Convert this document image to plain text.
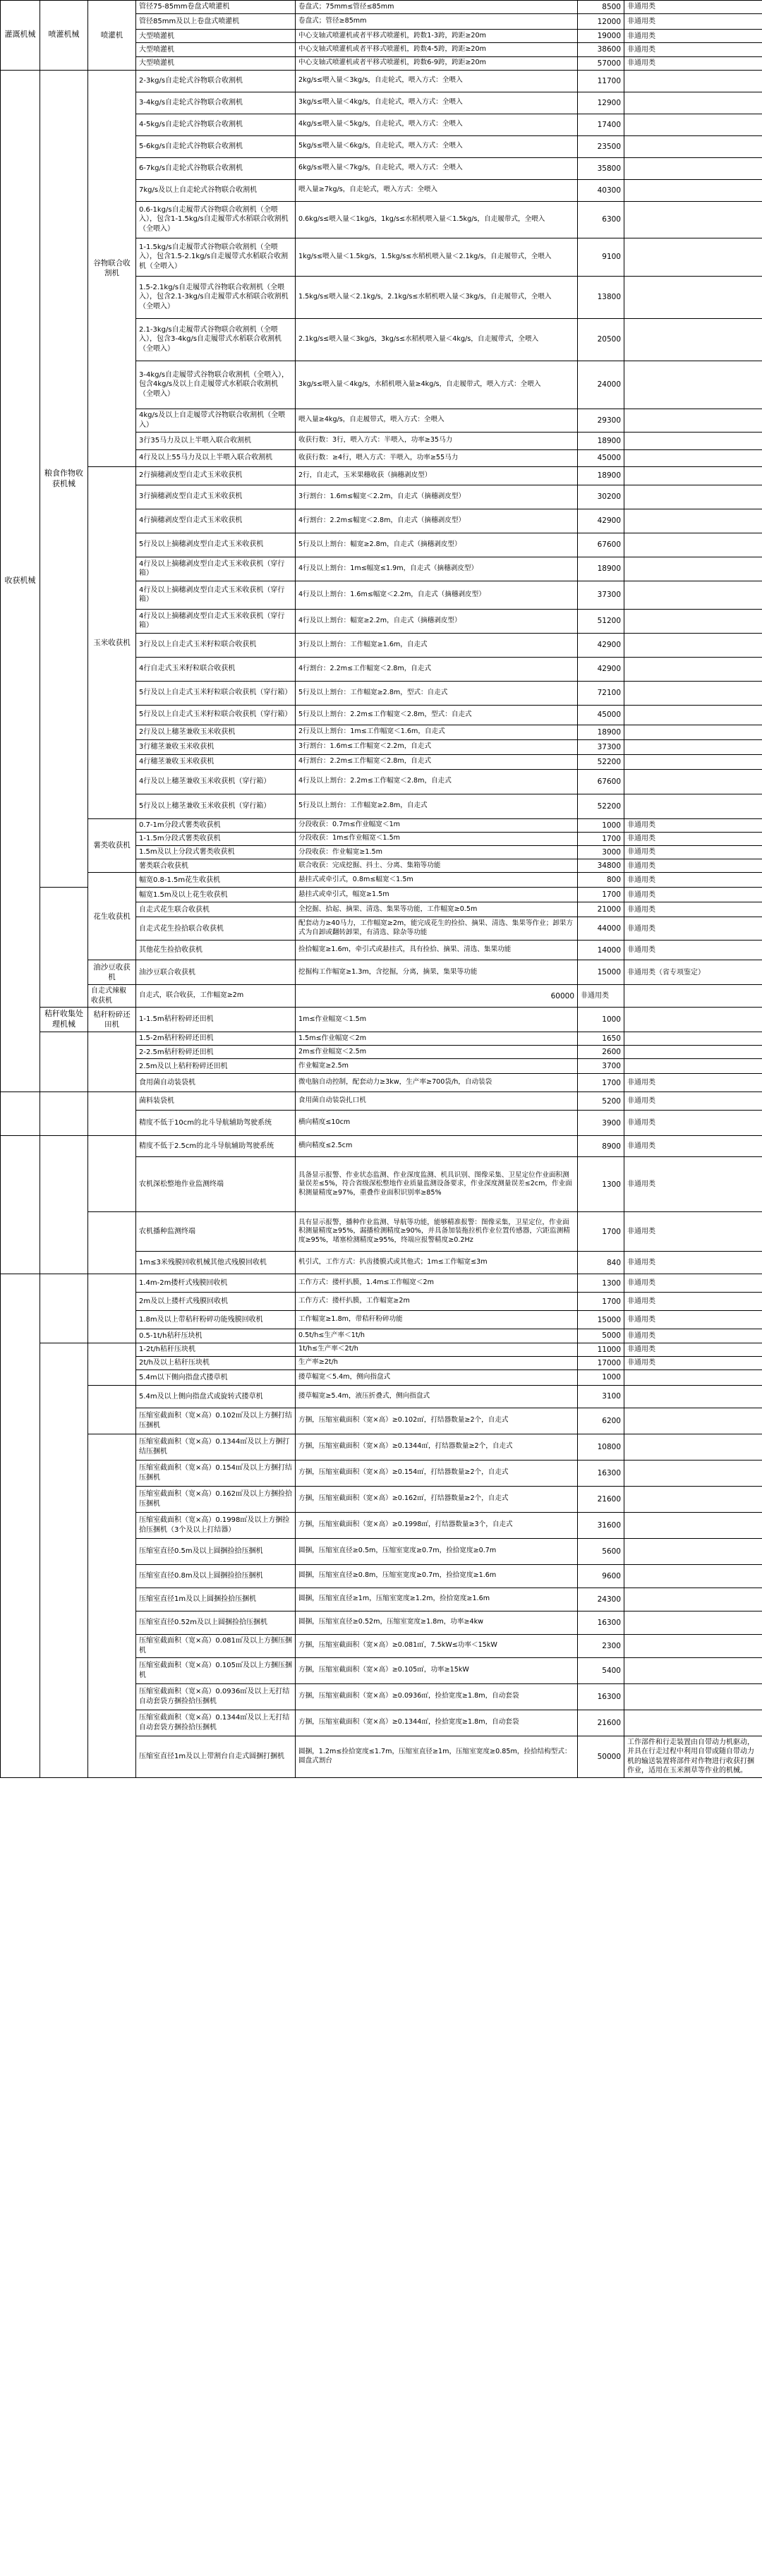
灌溉机械	喷灌机械	喷灌机	管径75-85mm卷盘式喷灌机	卷盘式；75mm≤管径≤85mm	8500	非通用类
			管径85mm及以上卷盘式喷灌机	卷盘式；管径≥85mm	12000	非通用类
			大型喷灌机	中心支轴式喷灌机或者平移式喷灌机，跨数1-3跨，跨距≥20m	19000	非通用类
			大型喷灌机	中心支轴式喷灌机或者平移式喷灌机，跨数4-5跨，跨距≥20m	38600	非通用类
			大型喷灌机	中心支轴式喷灌机或者平移式喷灌机，跨数6-9跨，跨距≥20m	57000	非通用类
收获机械	粮食作物收获机械	谷物联合收割机	2-3kg/s自走轮式谷物联合收割机	2kg/s≤喂入量＜3kg/s，自走轮式，喂入方式：全喂入	11700	
			3-4kg/s自走轮式谷物联合收割机	3kg/s≤喂入量＜4kg/s，自走轮式，喂入方式：全喂入	12900	
			4-5kg/s自走轮式谷物联合收割机	4kg/s≤喂入量＜5kg/s，自走轮式，喂入方式：全喂入	17400	
			5-6kg/s自走轮式谷物联合收割机	5kg/s≤喂入量＜6kg/s，自走轮式，喂入方式：全喂入	23500	
			6-7kg/s自走轮式谷物联合收割机	6kg/s≤喂入量＜7kg/s，自走轮式，喂入方式：全喂入	35800	
			7kg/s及以上自走轮式谷物联合收割机	喂入量≥7kg/s，自走轮式，喂入方式：全喂入	40300	
			0.6-1kg/s自走履带式谷物联合收割机（全喂入），包含1-1.5kg/s自走履带式水稻联合收割机（全喂入）	0.6kg/s≤喂入量＜1kg/s，1kg/s≤水稻机喂入量＜1.5kg/s，自走履带式，全喂入	6300	
			1-1.5kg/s自走履带式谷物联合收割机（全喂入），包含1.5-2.1kg/s自走履带式水稻联合收割机（全喂入）	1kg/s≤喂入量＜1.5kg/s，1.5kg/s≤水稻机喂入量＜2.1kg/s，自走履带式，全喂入	9100	
			1.5-2.1kg/s自走履带式谷物联合收割机（全喂入），包含2.1-3kg/s自走履带式水稻联合收割机（全喂入）	1.5kg/s≤喂入量＜2.1kg/s，2.1kg/s≤水稻机喂入量＜3kg/s，自走履带式，全喂入	13800	
			2.1-3kg/s自走履带式谷物联合收割机（全喂入），包含3-4kg/s自走履带式水稻联合收割机（全喂入）	2.1kg/s≤喂入量＜3kg/s，3kg/s≤水稻机喂入量＜4kg/s，自走履带式，全喂入	20500	
			3-4kg/s自走履带式谷物联合收割机（全喂入），包含4kg/s及以上自走履带式水稻联合收割机（全喂入）	3kg/s≤喂入量＜4kg/s，水稻机喂入量≥4kg/s，自走履带式，喂入方式：全喂入	24000	
			4kg/s及以上自走履带式谷物联合收割机（全喂入）	喂入量≥4kg/s，自走履带式，喂入方式：全喂入	29300	
			3行35马力及以上半喂入联合收割机	收获行数：3行，喂入方式：半喂入，功率≥35马力	18900	
			4行及以上55马力及以上半喂入联合收割机	收获行数：≥4行，喂入方式：半喂入，功率≥55马力	45000	
		玉米收获机	2行摘穗剥皮型自走式玉米收获机	2行，自走式，玉米果穗收获（摘穗剥皮型）	18900	
			3行摘穗剥皮型自走式玉米收获机	3行割台：1.6m≤幅宽＜2.2m，自走式（摘穗剥皮型）	30200	
			4行摘穗剥皮型自走式玉米收获机	4行割台：2.2m≤幅宽＜2.8m，自走式（摘穗剥皮型）	42900	
			5行及以上摘穗剥皮型自走式玉米收获机	5行及以上割台：幅宽≥2.8m，自走式（摘穗剥皮型）	67600	
			4行及以上摘穗剥皮型自走式玉米收获机（穿行箱）	4行及以上割台：1m≤幅宽≤1.9m，自走式（摘穗剥皮型）	18900	
			4行及以上摘穗剥皮型自走式玉米收获机（穿行箱）	4行及以上割台：1.6m≤幅宽＜2.2m，自走式（摘穗剥皮型）	37300	
			4行及以上摘穗剥皮型自走式玉米收获机（穿行箱）	4行及以上割台：幅宽≥2.2m，自走式（摘穗剥皮型）	51200	
			3行及以上自走式玉米籽粒联合收获机	3行及以上割台：工作幅宽≥1.6m，自走式	42900	
			4行自走式玉米籽粒联合收获机	4行割台：2.2m≤工作幅宽＜2.8m，自走式	42900	
			5行及以上自走式玉米籽粒联合收获机（穿行箱）	5行及以上割台：工作幅宽≥2.8m，型式：自走式	72100	
			5行及以上自走式玉米籽粒联合收获机（穿行箱）	5行及以上割台：2.2m≤工作幅宽＜2.8m，型式：自走式	45000	
			2行及以上穗茎兼收玉米收获机	2行及以上割台：1m≤工作幅宽＜1.6m，自走式	18900	
			3行穗茎兼收玉米收获机	3行割台：1.6m≤工作幅宽＜2.2m，自走式	37300	
			4行穗茎兼收玉米收获机	4行割台：2.2m≤工作幅宽＜2.8m，自走式	52200	
			4行及以上穗茎兼收玉米收获机（穿行箱）	4行及以上割台：2.2m≤工作幅宽＜2.8m，自走式	67600	
			5行及以上穗茎兼收玉米收获机（穿行箱）	5行及以上割台：工作幅宽≥2.8m，自走式	52200	
		薯类收获机	0.7-1m分段式薯类收获机	分段收获：0.7m≤作业幅宽＜1m	1000	非通用类
			1-1.5m分段式薯类收获机	分段收获：1m≤作业幅宽＜1.5m	1700	非通用类
			1.5m及以上分段式薯类收获机	分段收获：作业幅宽≥1.5m	3000	非通用类
			薯类联合收获机	联合收获：完成挖掘、抖土、分离、集箱等功能	34800	非通用类
		花生收获机	幅宽0.8-1.5m花生收获机	悬挂式或牵引式，0.8m≤幅宽＜1.5m	800	非通用类
			幅宽1.5m及以上花生收获机	悬挂式或牵引式，幅宽≥1.5m	1700	非通用类
			自走式花生联合收获机	全挖掘、拾起、摘果、清选、集果等功能，工作幅宽≥0.5m	21000	非通用类
			自走式花生捡拾联合收获机	配套动力≥40马力，工作幅宽≥2m，能完成花生的捡拾、摘果、清选、集果等作业；卸果方式为自卸或翻转卸果，有清选、除杂等功能	44000	非通用类
			其他花生捡拾收获机	捡拾幅宽≥1.6m，牵引式或悬挂式，具有捡拾、摘果、清选、集果功能	14000	非通用类
		油沙豆收获机	油沙豆联合收获机	挖掘构工作幅宽≥1.3m，含挖掘，分离，摘果，集果等功能	15000	非通用类（省专项鉴定）
		自走式辣椒收获机	自走式，联合收获，工作幅宽≥2m	60000	非通用类	
	秸秆收集处理机械	秸秆粉碎还田机	1-1.5m秸秆粉碎还田机	1m≤作业幅宽＜1.5m	1000	
			1.5-2m秸秆粉碎还田机	1.5m≤作业幅宽＜2m	1650	
			2-2.5m秸秆粉碎还田机	2m≤作业幅宽＜2.5m	2600	
			2.5m及以上秸秆粉碎还田机	作业幅宽≥2.5m	3700	
			食用菌自动装袋机	微电脑自动控制，配套动力≥3kw，生产率≥700袋/h，自动装袋	1700	非通用类
			菌料装袋机	食用菌自动装袋扎口机	5200	非通用类
			精度不低于10cm的北斗导航辅助驾驶系统	横向精度≤10cm	3900	非通用类
			精度不低于2.5cm的北斗导航辅助驾驶系统	横向精度≤2.5cm	8900	非通用类
			农机深松整地作业监测终端	具备显示报警、作业状态监测、作业深度监测、机具识别、图像采集、卫星定位作业面积测量误差≤5%，符合省级深松整地作业质量监测设备要求，作业深度测量误差≤2cm，作业面积测量精度≥97%，重叠作业面积识别率≥85%	1300	非通用类
			农机播种监测终端	具有显示报警，播种作业监测、导航等功能，能够精准报警：图像采集，卫星定位，作业面积测量精度≥95%，漏播检测精度≥90%，并具备加装拖拉机作业位置传感器，穴距监测精度≥95%，堵塞检测精度≥95%，终端应报警精度≥0.2Hz	1700	非通用类
			1m≤3米残膜回收机械其他式残膜回收机	机引式，工作方式：扒齿搂膜式或其他式；1m≤工作幅宽≤3m	840	非通用类
			1.4m-2m搂杆式残膜回收机	工作方式：搂杆扒膜，1.4m≤工作幅宽＜2m	1300	非通用类
			2m及以上搂杆式残膜回收机	工作方式：搂杆扒膜，工作幅宽≥2m	1700	非通用类
			1.8m及以上带秸秆粉碎功能残膜回收机	工作幅宽≥1.8m，带秸秆粉碎功能	15000	非通用类
			0.5-1t/h秸秆压块机	0.5t/h≤生产率＜1t/h	5000	非通用类
			1-2t/h秸秆压块机	1t/h≤生产率＜2t/h	11000	非通用类
			2t/h及以上秸秆压块机	生产率≥2t/h	17000	非通用类
			5.4m以下侧向指盘式搂草机	搂草幅宽＜5.4m，侧向指盘式	1000	
			5.4m及以上侧向指盘式或旋转式搂草机	搂草幅宽≥5.4m，液压折叠式，侧向指盘式	3100	
			压缩室截面积（宽×高）0.102㎡及以上方捆打结压捆机	方捆，压缩室截面积（宽×高）≥0.102㎡，打结器数量≥2个，自走式	6200	
			压缩室截面积（宽×高）0.1344㎡及以上方捆打结压捆机	方捆，压缩室截面积（宽×高）≥0.1344㎡，打结器数量≥2个，自走式	10800	
			压缩室截面积（宽×高）0.154㎡及以上方捆打结压捆机	方捆，压缩室截面积（宽×高）≥0.154㎡，打结器数量≥2个，自走式	16300	
			压缩室截面积（宽×高）0.162㎡及以上方捆捡拾压捆机	方捆，压缩室截面积（宽×高）≥0.162㎡，打结器数量≥2个，自走式	21600	
			压缩室截面积（宽×高）0.1998㎡及以上方捆捡拾压捆机（3个及以上打结器）	方捆，压缩室截面积（宽×高）≥0.1998㎡，打结器数量≥3个，自走式	31600	
			压缩室直径0.5m及以上圆捆捡拾压捆机	圆捆，压缩室直径≥0.5m，压缩室宽度≥0.7m，捡拾宽度≥0.7m	5600	
			压缩室直径0.8m及以上圆捆捡拾压捆机	圆捆，压缩室直径≥0.8m，压缩室宽度≥0.7m，捡拾宽度≥1.6m	9600	
			压缩室直径1m及以上圆捆捡拾压捆机	圆捆，压缩室直径≥1m，压缩室宽度≥1.2m，捡拾宽度≥1.6m	24300	
			压缩室直径0.52m及以上圆捆捡拾压捆机	圆捆，压缩室直径≥0.52m，压缩室宽度≥1.8m，功率≥4kw	16300	
			压缩室截面积（宽×高）0.081㎡及以上方捆压捆机	方捆，压缩室截面积（宽×高）≥0.081㎡，7.5kW≤功率＜15kW	2300	
			压缩室截面积（宽×高）0.105㎡及以上方捆压捆机	方捆，压缩室截面积（宽×高）≥0.105㎡，功率≥15kW	5400	
			压缩室截面积（宽×高）0.0936㎡及以上无打结自动套袋方捆捡拾压捆机	方捆，压缩室截面积（宽×高）≥0.0936㎡，捡拾宽度≥1.8m，自动套袋	16300	
			压缩室截面积（宽×高）0.1344㎡及以上无打结自动套袋方捆捡拾压捆机	方捆，压缩室截面积（宽×高）≥0.1344㎡，捡拾宽度≥1.8m，自动套袋	21600	
			压缩室直径1m及以上带割台自走式圆捆打捆机	圆捆，1.2m≤捡拾宽度≤1.7m，压缩室直径≥1m，压缩室宽度≥0.85m，捡拾结构型式：圆盘式割台	50000	工作部件和行走装置由自带动力机驱动，并具在行走过程中利用自带或随自带动力机的输送装置将部件对作物进行收获打捆作业，适用在玉米割草等作业的机械。
